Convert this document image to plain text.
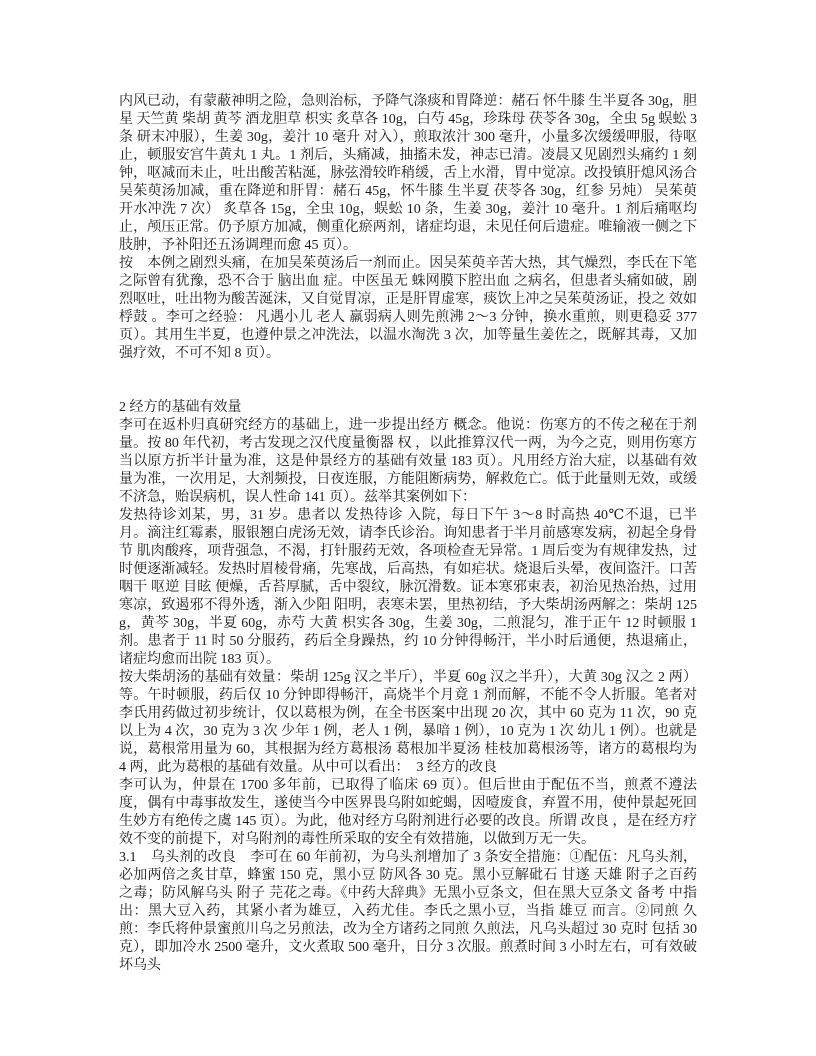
内风已动，有蒙蔽神明之险，急则治标，予降气涤痰和胃降逆：赭石 怀牛膝 生半夏各 30g，胆星 天竺黄 柴胡 黄芩 酒龙胆草 枳实 炙草各 10g，白芍 45g，珍珠母 茯苓各 30g，全虫 5g 蜈蚣 3 条 研末冲服），生姜 30g，姜汁 10 毫升 对入），煎取浓汁 300 毫升，小量多次缓缓呷服，待呕止，顿服安宫牛黄丸 1 丸。1 剂后，头痛减，抽搐未发，神志已清。凌晨又见剧烈头痛约 1 刻钟，呕减而未止，吐出酸苦粘涎，脉弦滑较昨稍缓，舌上水滑，胃中觉凉。改投镇肝熄风汤合吴茱萸汤加减，重在降逆和肝胃：赭石 45g，怀牛膝 生半夏 茯苓各 30g，红参 另炖） 吴茱萸 开水冲洗 7 次） 炙草各 15g，全虫 10g，蜈蚣 10 条，生姜 30g，姜汁 10 毫升。1 剂后痛呕均止，颅压正常。仍予原方加减，侧重化瘀两剂，诸症均退，未见任何后遗症。唯输液一侧之下肢肿，予补阳还五汤调理而愈 45 页）。
按　本例之剧烈头痛，在加吴茱萸汤后一剂而止。因吴茱萸辛苦大热，其气燥烈，李氏在下笔之际曾有犹豫，恐不合于 脑出血 症。中医虽无 蛛网膜下腔出血 之病名，但患者头痛如破，剧烈呕吐，吐出物为酸苦涎沫，又自觉胃凉，正是肝胃虚寒，痰饮上冲之吴茱萸汤证，投之 效如桴鼓 。李可之经验： 凡遇小儿 老人 羸弱病人则先煎沸 2～3 分钟，换水重煎，则更稳妥 377 页）。其用生半夏，也遵仲景之冲洗法，以温水淘洗 3 次，加等量生姜佐之，既解其毒，又加强疗效，不可不知 8 页）。
2 经方的基础有效量
李可在返朴归真研究经方的基础上，进一步提出经方 概念。他说：伤寒方的不传之秘在于剂量。按 80 年代初，考古发现之汉代度量衡器 权 ，以此推算汉代一两，为今之克，则用伤寒方当以原方折半计量为准，这是仲景经方的基础有效量 183 页）。凡用经方治大症，以基础有效量为准，一次用足，大剂频投，日夜连服，方能阻断病势，解救危亡。低于此量则无效，或缓不济急，贻误病机，误人性命 141 页）。兹举其案例如下：
发热待诊刘某，男，31 岁。患者以 发热待诊 入院，每日下午 3～8 时高热 40℃不退，已半月。滴注红霉素，服银翘白虎汤无效，请李氏诊治。询知患者于半月前感寒发病，初起全身骨节 肌肉酸疼，项背强急，不渴，打针服药无效，各项检查无异常。1 周后变为有规律发热，过时便逐渐减轻。发热时眉棱骨痛，先寒战，后高热，有如疟状。烧退后头晕，夜间盗汗。口苦 咽干 呕逆 目眩 便燥，舌苔厚腻，舌中裂纹，脉沉滑数。证本寒邪束表，初治见热治热，过用寒凉，致遏邪不得外透，渐入少阳 阳明，表寒未罢，里热初结，予大柴胡汤两解之：柴胡 125g，黄芩 30g，半夏 60g，赤芍 大黄 枳实各 30g，生姜 30g，二煎混匀，准于正午 12 时顿服 1 剂。患者于 11 时 50 分服药，药后全身躁热，约 10 分钟得畅汗，半小时后通便，热退痛止，诸症均愈而出院 183 页）。
按大柴胡汤的基础有效量：柴胡 125g 汉之半斤），半夏 60g 汉之半升），大黄 30g 汉之 2 两）等。午时顿服，药后仅 10 分钟即得畅汗，高烧半个月竟 1 剂而解，不能不令人折服。笔者对李氏用药做过初步统计，仅以葛根为例，在全书医案中出现 20 次，其中 60 克为 11 次，90 克以上为 4 次，30 克为 3 次 少年 1 例，老人 1 例，暴喑 1 例），10 克为 1 次 幼儿 1 例）。也就是说，葛根常用量为 60，其根据为经方葛根汤 葛根加半夏汤 桂枝加葛根汤等，诸方的葛根均为 4 两，此为葛根的基础有效量。从中可以看出：　3 经方的改良
李可认为，仲景在 1700 多年前，已取得了临床 69 页）。但后世由于配伍不当，煎煮不遵法度，偶有中毒事故发生，遂使当今中医界畏乌附如蛇蝎，因噎废食，弃置不用，使仲景起死回生妙方有绝传之虞 145 页）。为此，他对经方乌附剂进行必要的改良。所谓 改良 ，是在经方疗效不变的前提下，对乌附剂的毒性所采取的安全有效措施，以做到万无一失。
3.1　乌头剂的改良　李可在 60 年前初，为乌头剂增加了 3 条安全措施：①配伍：凡乌头剂，必加两倍之炙甘草，蜂蜜 150 克，黑小豆 防风各 30 克。黑小豆解砒石 甘遂 天雄 附子之百药之毒；防风解乌头 附子 芫花之毒。《中药大辞典》无黑小豆条文，但在黑大豆条文 备考 中指出：黑大豆入药，其紧小者为雄豆，入药尤佳。李氏之黑小豆，当指 雄豆 而言。②同煎 久煎：李氏将仲景蜜煎川乌之另煎法，改为全方诸药之同煎 久煎法，凡乌头超过 30 克时 包括 30 克），即加冷水 2500 毫升，文火煮取 500 毫升，日分 3 次服。煎煮时间 3 小时左右，可有效破坏乌头
